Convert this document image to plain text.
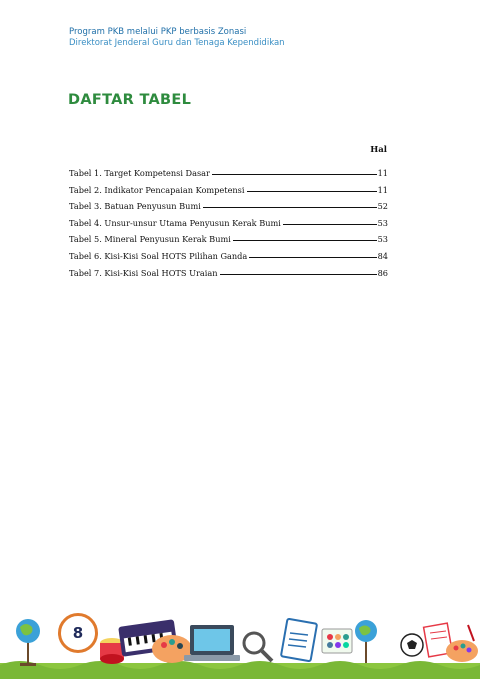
Program PKB melalui PKP berbasis Zonasi
Direktorat Jenderal Guru dan Tenaga Kependidikan
DAFTAR TABEL
Hal
Tabel 1. Target Kompetensi Dasar	11
Tabel 2. Indikator Pencapaian Kompetensi	11
Tabel 3. Batuan Penyusun Bumi	52
Tabel 4. Unsur-unsur Utama Penyusun Kerak Bumi	53
Tabel 5. Mineral Penyusun Kerak Bumi	53
Tabel 6. Kisi-Kisi Soal HOTS Pilihan Ganda	84
Tabel 7. Kisi-Kisi Soal HOTS Uraian	86
8
